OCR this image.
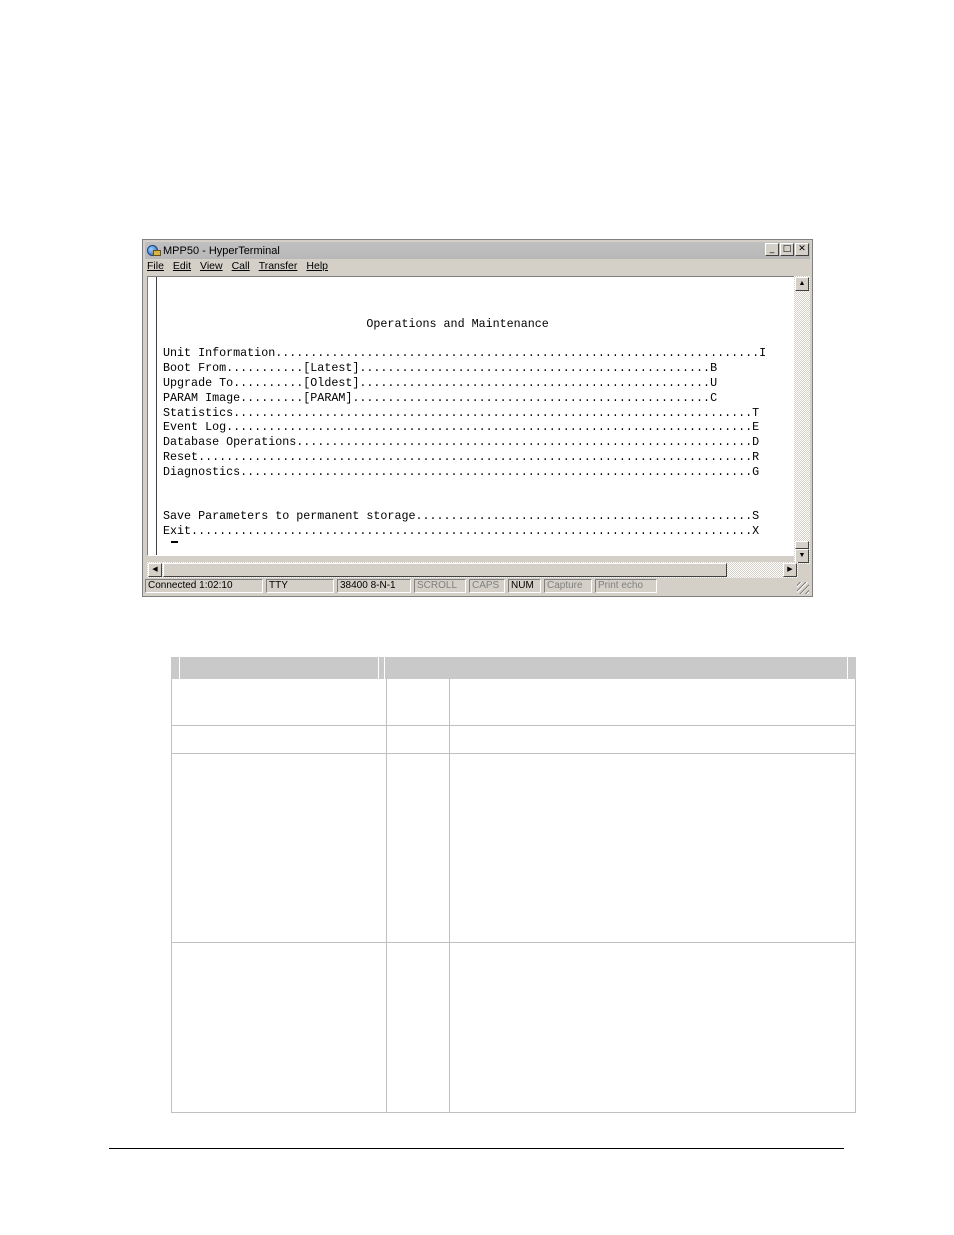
MPP50 - HyperTerminal	_ □ ✕
File Edit View Call Transfer Help

Operations and Maintenance

Unit Information.....................................................................I
Boot From...........[Latest]..................................................B
Upgrade To..........[Oldest]..................................................U
PARAM Image.........[PARAM]...................................................C
Statistics..........................................................................T
Event Log...........................................................................E
Database Operations.................................................................D
Reset...............................................................................R
Diagnostics.........................................................................G

Save Parameters to permanent storage................................................S
Exit................................................................................X
▲
▼
◀	▶
Connected 1:02:10	TTY	38400 8-N-1	SCROLL	CAPS	NUM	Capture	Print echo
